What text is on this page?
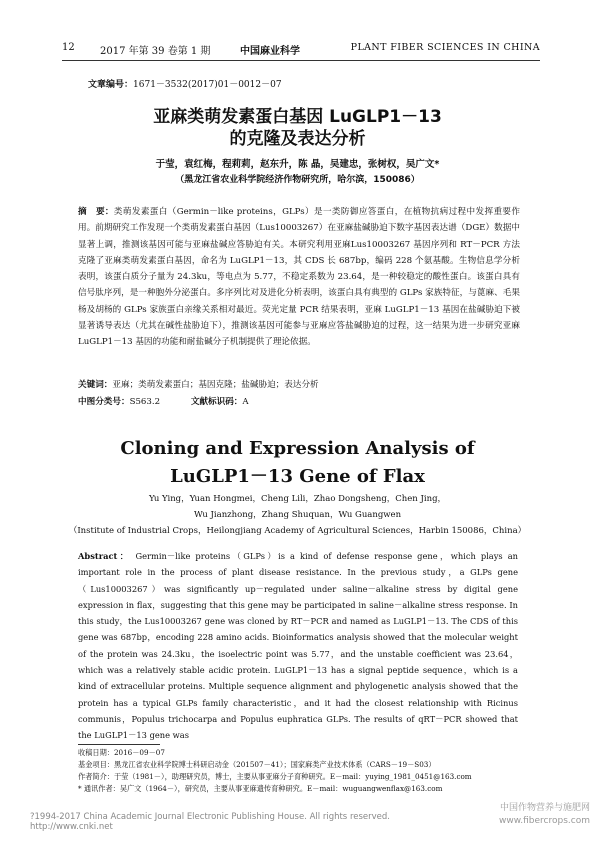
12	2017 年第 39 卷第 1 期	中国麻业科学	PLANT FIBER SCIENCES IN CHINA
文章编号：1671－3532(2017)01－0012－07
亚麻类萌发素蛋白基因 LuGLP1－13
的克隆及表达分析
于莹，袁红梅，程莉莉，赵东升，陈 晶，吴建忠，张树权，吴广文*
（黑龙江省农业科学院经济作物研究所，哈尔滨，150086）
摘　要：类萌发素蛋白（Germin－like proteins，GLPs）是一类防御应答蛋白，在植物抗病过程中发挥重要作用。前期研究工作发现一个类萌发素蛋白基因（Lus10003267）在亚麻盐碱胁迫下数字基因表达谱（DGE）数据中显著上调，推测该基因可能与亚麻盐碱应答胁迫有关。本研究利用亚麻Lus10003267 基因序列和 RT－PCR 方法克隆了亚麻类萌发素蛋白基因，命名为 LuGLP1－13，其 CDS 长 687bp，编码 228 个氨基酸。生物信息学分析表明，该蛋白质分子量为 24.3ku，等电点为 5.77，不稳定系数为 23.64，是一种较稳定的酸性蛋白。该蛋白具有信号肽序列，是一种胞外分泌蛋白。多序列比对及进化分析表明，该蛋白具有典型的 GLPs 家族特征，与蓖麻、毛果杨及胡杨的 GLPs 家族蛋白亲缘关系相对最近。荧光定量 PCR 结果表明，亚麻 LuGLP1－13 基因在盐碱胁迫下被显著诱导表达（尤其在碱性盐胁迫下），推测该基因可能参与亚麻应答盐碱胁迫的过程，这一结果为进一步研究亚麻 LuGLP1－13 基因的功能和耐盐碱分子机制提供了理论依据。
关键词：亚麻；类萌发素蛋白；基因克隆；盐碱胁迫；表达分析
中图分类号：S563.2	文献标识码：A
Cloning and Expression Analysis of
LuGLP1－13 Gene of Flax
Yu Ying，Yuan Hongmei，Cheng Lili，Zhao Dongsheng，Chen Jing，
Wu Jianzhong，Zhang Shuquan，Wu Guangwen
（Institute of Industrial Crops，Heilongjiang Academy of Agricultural Sciences，Harbin 150086，China）
Abstract： Germin－like proteins（GLPs）is a kind of defense response gene，which plays an important role in the process of plant disease resistance. In the previous study，a GLPs gene（Lus10003267）was significantly up－regulated under saline－alkaline stress by digital gene expression in flax，suggesting that this gene may be participated in saline－alkaline stress response. In this study，the Lus10003267 gene was cloned by RT－PCR and named as LuGLP1－13. The CDS of this gene was 687bp，encoding 228 amino acids. Bioinformatics analysis showed that the molecular weight of the protein was 24.3ku，the isoelectric point was 5.77，and the unstable coefficient was 23.64，which was a relatively stable acidic protein. LuGLP1－13 has a signal peptide sequence，which is a kind of extracellular proteins. Multiple sequence alignment and phylogenetic analysis showed that the protein has a typical GLPs family characteristic，and it had the closest relationship with Ricinus communis，Populus trichocarpa and Populus euphratica GLPs. The results of qRT－PCR showed that the LuGLP1－13 gene was
收稿日期：2016－09－07
基金项目：黑龙江省农业科学院博士科研启动金（201507－41）；国家麻类产业技术体系（CARS－19－S03）
作者简介：于莹（1981－），助理研究员，博士，主要从事亚麻分子育种研究。E－mail：yuying_1981_0451@163.com
* 通讯作者：吴广文（1964－），研究员，主要从事亚麻遗传育种研究。E－mail：wuguangwenflax@163.com
?1994-2017 China Academic Journal Electronic Publishing House. All rights reserved.　http://www.cnki.net
中国作物营养与施肥网
www.fibercrops.com
